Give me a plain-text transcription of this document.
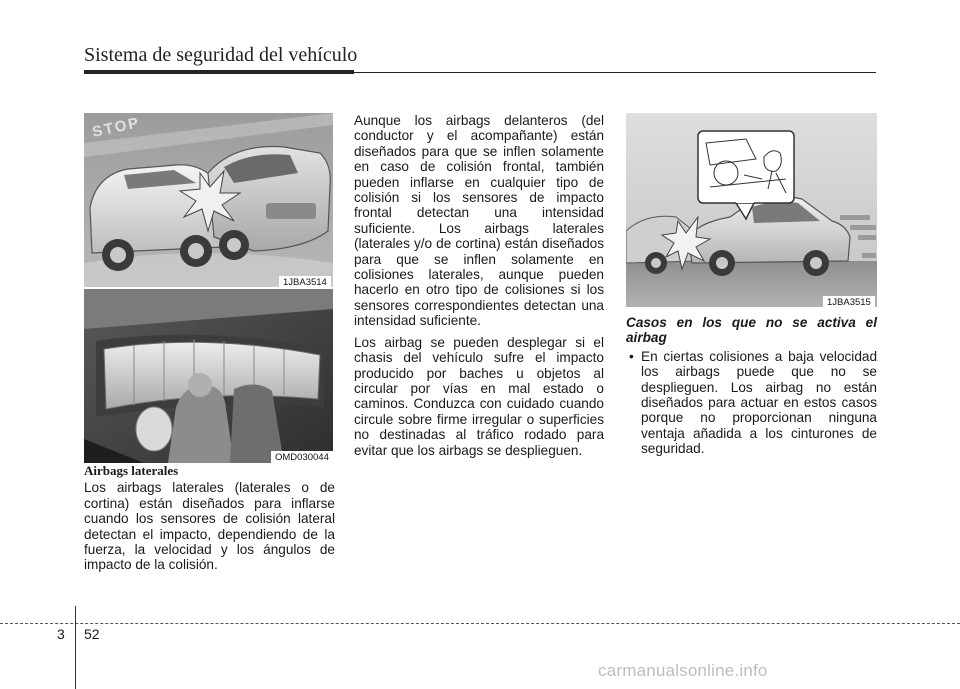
Sistema de seguridad del vehículo
STOP
1JBA3514
OMD030044
Airbags laterales

Los airbags laterales (laterales o de cortina) están diseñados para inflarse cuando los sensores de colisión lateral detectan el impacto, dependiendo de la fuerza, la velocidad y los ángulos de impacto de la colisión.

Aunque los airbags delanteros (del conductor y el acompañante) están diseñados para que se inflen solamente en caso de colisión frontal, también pueden inflarse en cualquier tipo de colisión si los sensores de impacto frontal detectan una intensidad suficiente. Los airbags laterales (laterales y/o de cortina) están diseñados para que se inflen solamente en colisiones laterales, aunque pueden hacerlo en otro tipo de colisiones si los sensores correspondientes detectan una intensidad suficiente.

Los airbag se pueden desplegar si el chasis del vehículo sufre el impacto producido por baches u objetos al circular por vías en mal estado o caminos. Conduzca con cuidado cuando circule sobre firme irregular o superficies no destinadas al tráfico rodado para evitar que los airbags se desplieguen.

1JBA3515
Casos en los que no se activa el airbag
• En ciertas colisiones a baja velocidad los airbags puede que no se desplieguen. Los airbag no están diseñados para actuar en estos casos porque no proporcionan ninguna ventaja añadida a los cinturones de seguridad.
3 52
carmanualsonline.info
